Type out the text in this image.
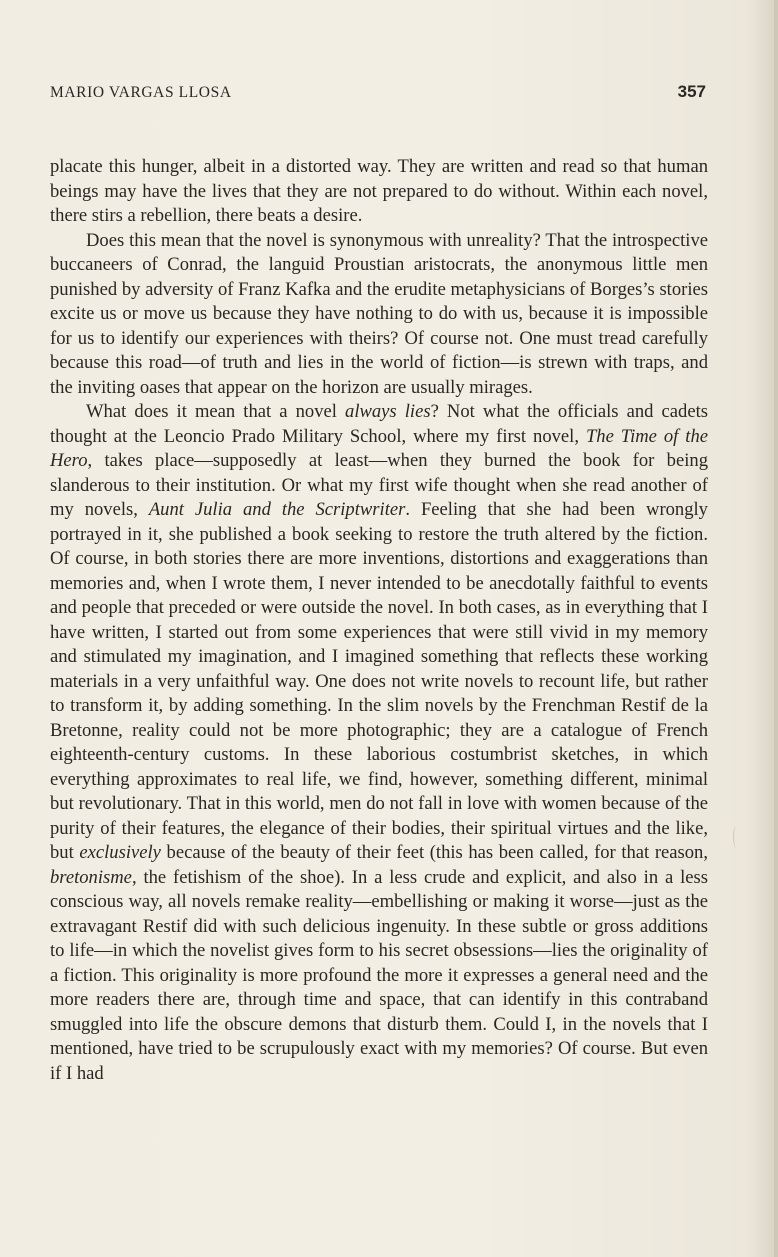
MARIO VARGAS LLOSA	357

placate this hunger, albeit in a distorted way. They are written and read so that human beings may have the lives that they are not prepared to do without. Within each novel, there stirs a rebellion, there beats a desire.

Does this mean that the novel is synonymous with unreality? That the introspective buccaneers of Conrad, the languid Proustian aristocrats, the anonymous little men punished by adversity of Franz Kafka and the erudite metaphysicians of Borges’s stories excite us or move us because they have nothing to do with us, because it is impossible for us to identify our experiences with theirs? Of course not. One must tread carefully because this road—of truth and lies in the world of fiction—is strewn with traps, and the inviting oases that appear on the horizon are usually mirages.

What does it mean that a novel always lies? Not what the officials and cadets thought at the Leoncio Prado Military School, where my first novel, The Time of the Hero, takes place—supposedly at least—when they burned the book for being slanderous to their institution. Or what my first wife thought when she read another of my novels, Aunt Julia and the Scriptwriter. Feeling that she had been wrongly portrayed in it, she published a book seeking to restore the truth altered by the fiction. Of course, in both stories there are more inventions, distortions and exaggerations than memories and, when I wrote them, I never intended to be anecdotally faithful to events and people that preceded or were outside the novel. In both cases, as in everything that I have written, I started out from some experiences that were still vivid in my memory and stimulated my imagination, and I imagined something that reflects these working materials in a very unfaithful way. One does not write novels to recount life, but rather to transform it, by adding something. In the slim novels by the Frenchman Restif de la Bretonne, reality could not be more photographic; they are a catalogue of French eighteenth-century customs. In these laborious costumbrist sketches, in which everything approximates to real life, we find, however, something different, minimal but revolutionary. That in this world, men do not fall in love with women because of the purity of their features, the elegance of their bodies, their spiritual virtues and the like, but exclusively because of the beauty of their feet (this has been called, for that reason, bretonisme, the fetishism of the shoe). In a less crude and explicit, and also in a less conscious way, all novels remake reality—embellishing or making it worse—just as the extravagant Restif did with such delicious ingenuity. In these subtle or gross additions to life—in which the novelist gives form to his secret obsessions—lies the originality of a fiction. This originality is more profound the more it expresses a general need and the more readers there are, through time and space, that can identify in this contraband smuggled into life the obscure demons that disturb them. Could I, in the novels that I mentioned, have tried to be scrupulously exact with my memories? Of course. But even if I had
